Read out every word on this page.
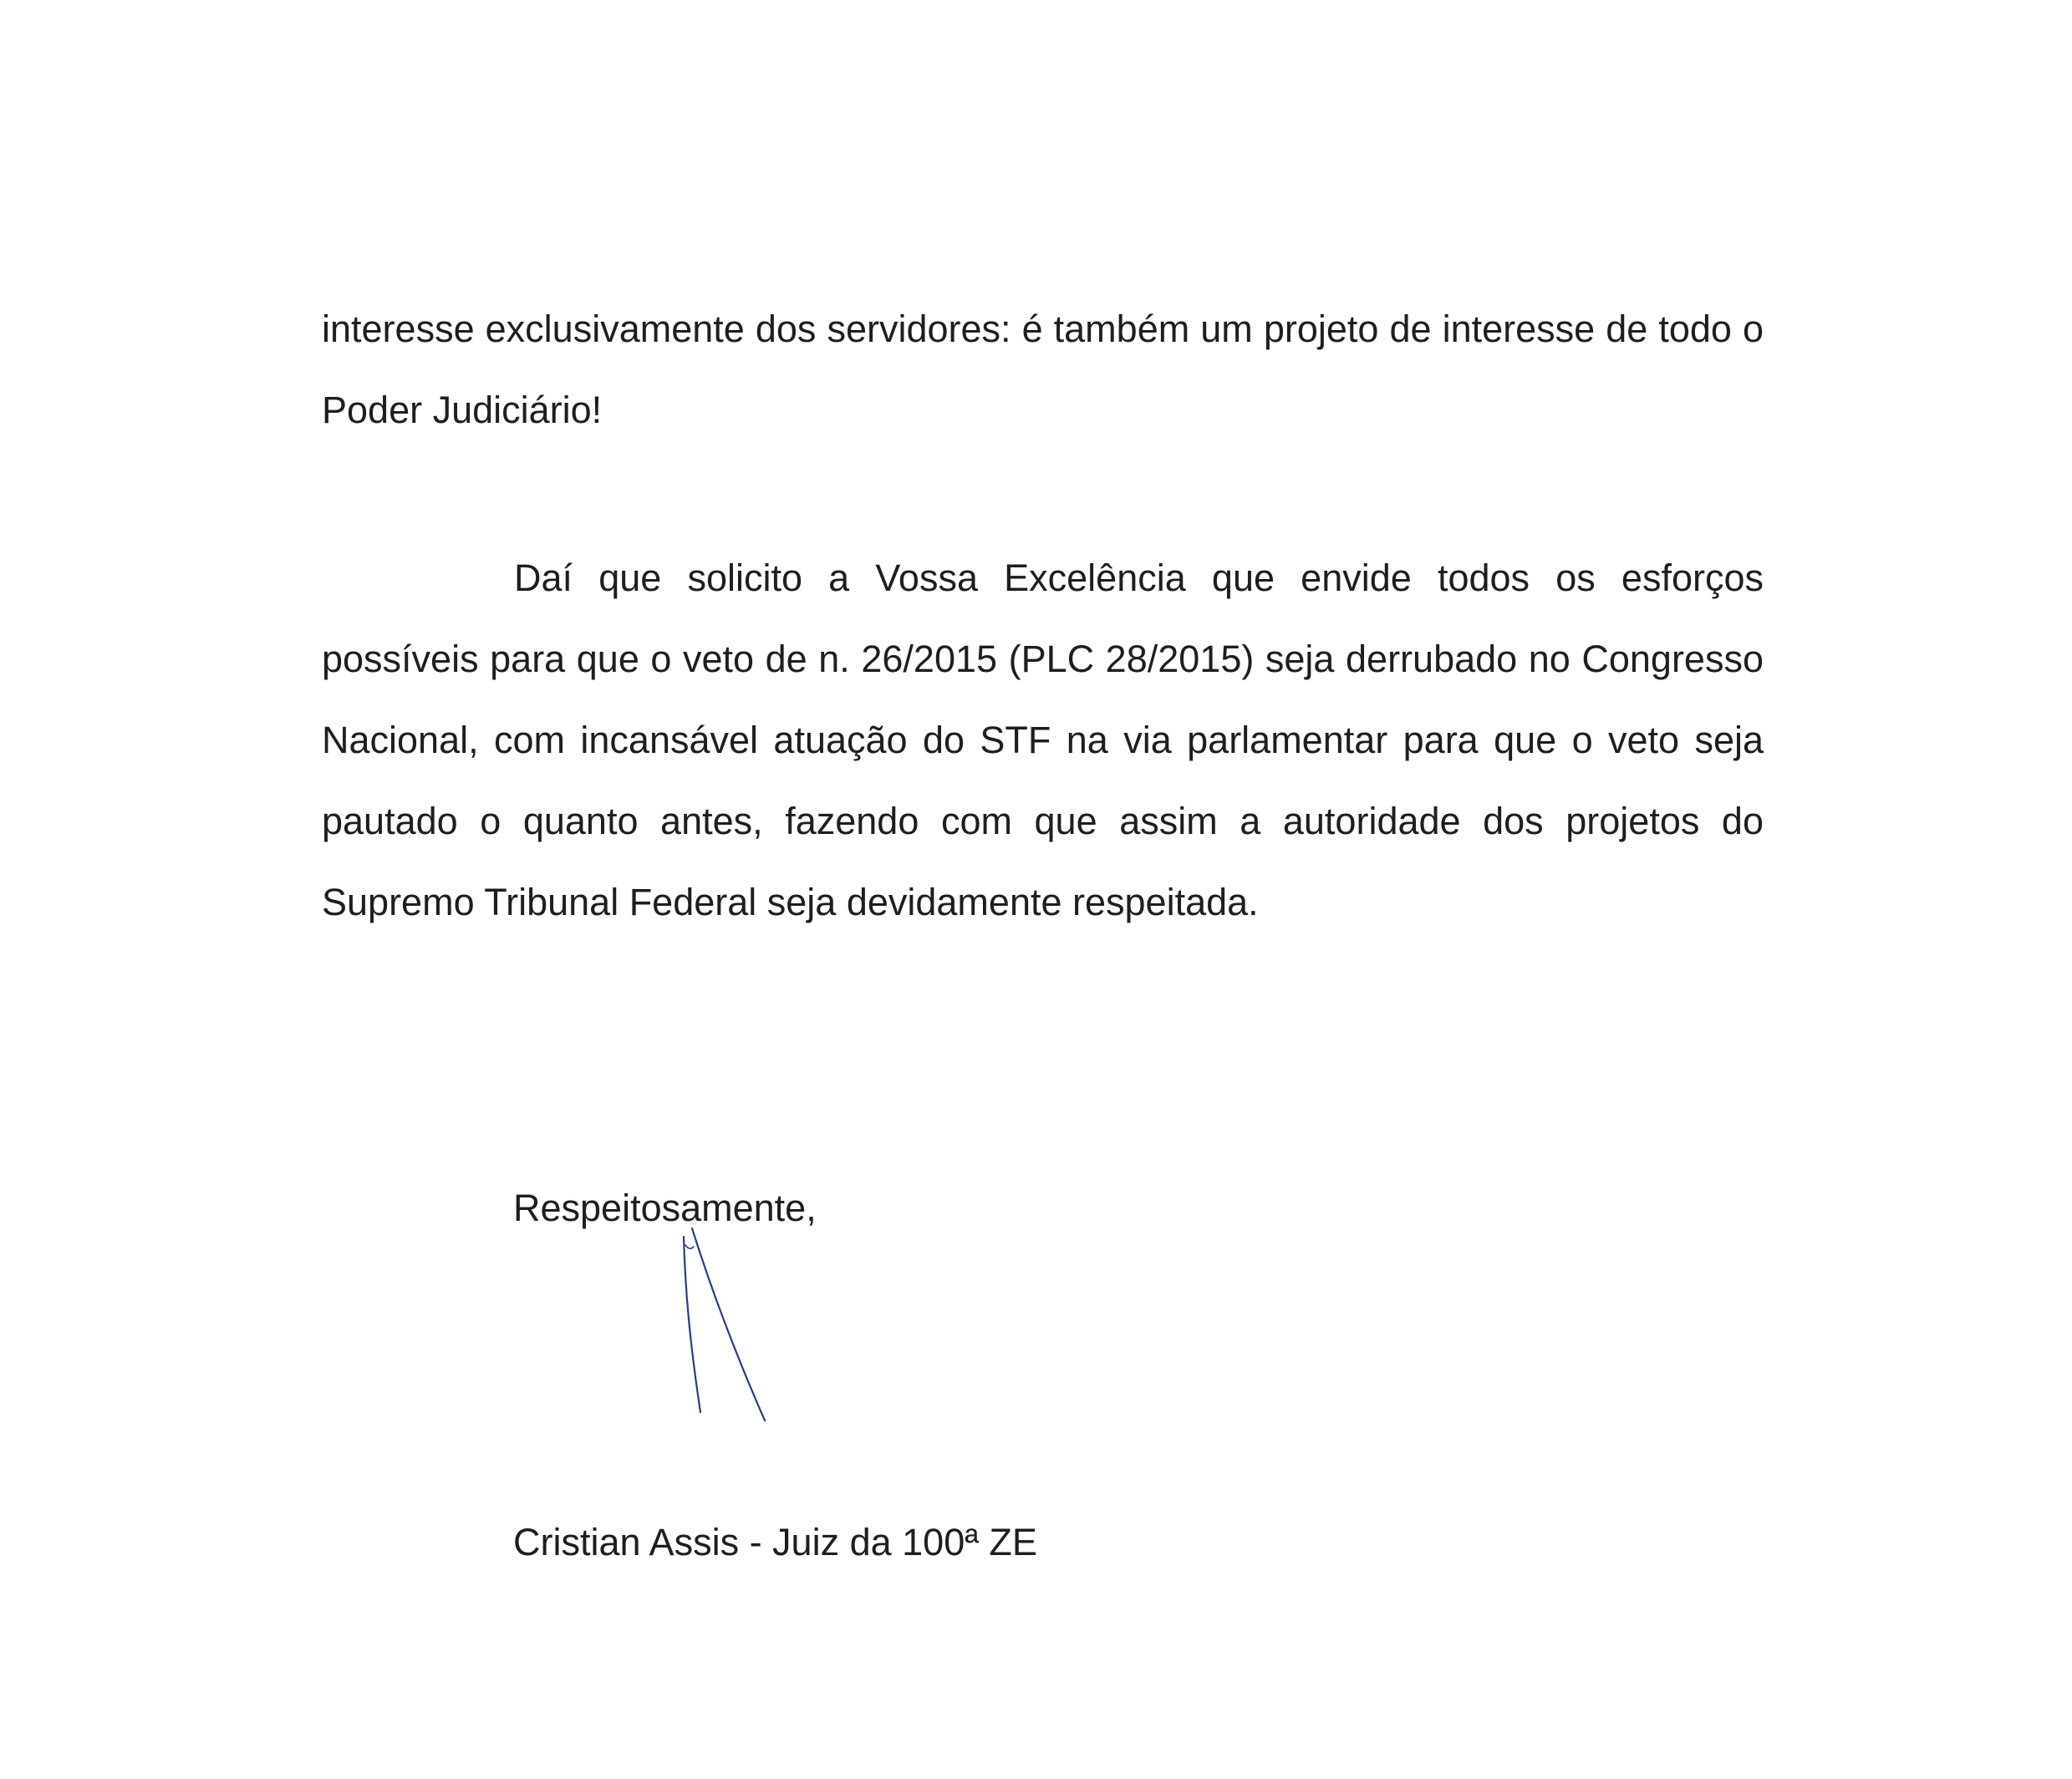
interesse exclusivamente dos servidores: é também um projeto de interesse de todo o Poder Judiciário!

Daí que solicito a Vossa Excelência que envide todos os esforços possíveis para que o veto de n. 26/2015 (PLC 28/2015) seja derrubado no Congresso Nacional, com incansável atuação do STF na via parlamentar para que o veto seja pautado o quanto antes, fazendo com que assim a autoridade dos projetos do Supremo Tribunal Federal seja devidamente respeitada.

Respeitosamente,

Cristian Assis - Juiz da 100ª ZE
